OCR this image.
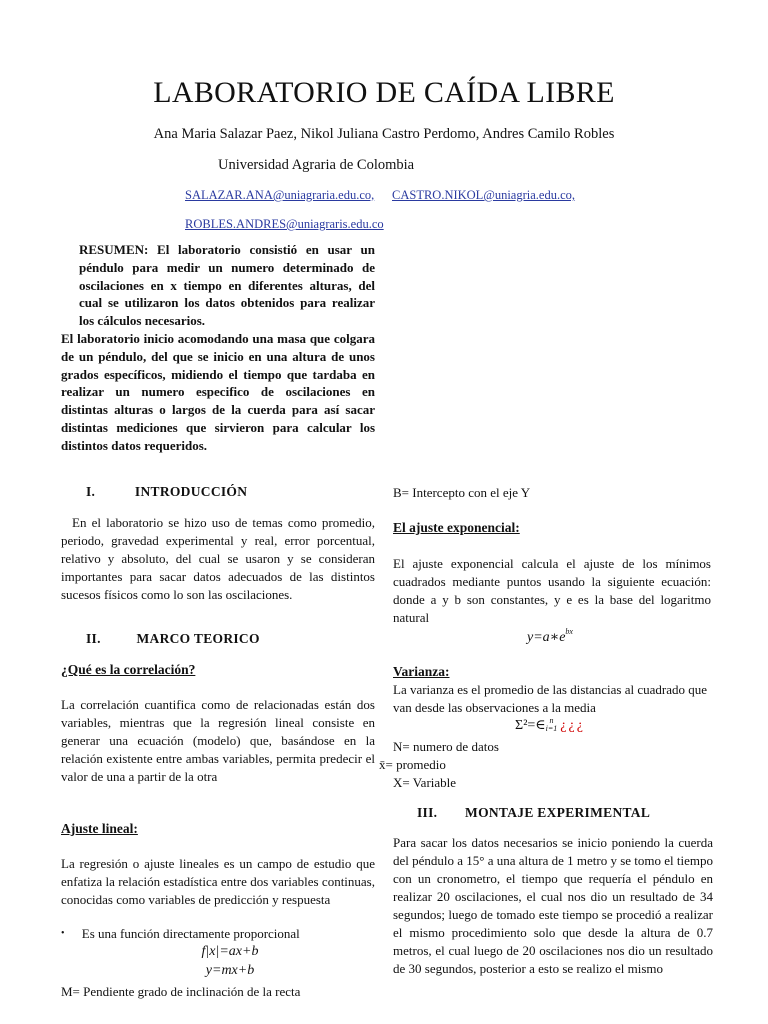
LABORATORIO DE CAÍDA LIBRE
Ana Maria Salazar Paez, Nikol Juliana Castro Perdomo, Andres Camilo Robles
Universidad Agraria de Colombia
SALAZAR.ANA@uniagraria.edu.co, CASTRO.NIKOL@uniagria.edu.co,
ROBLES.ANDRES@uniagraris.edu.co

RESUMEN: El laboratorio consistió en usar un péndulo para medir un numero determinado de oscilaciones en x tiempo en diferentes alturas, del cual se utilizaron los datos obtenidos para realizar los cálculos necesarios.

El laboratorio inicio acomodando una masa que colgara de un péndulo, del que se inicio en una altura de unos grados específicos, midiendo el tiempo que tardaba en realizar un numero especifico de oscilaciones en distintas alturas o largos de la cuerda para así sacar distintas mediciones que sirvieron para calcular los distintos datos requeridos.

I.	INTRODUCCIÓN
En el laboratorio se hizo uso de temas como promedio, periodo, gravedad experimental y real, error porcentual, relativo y absoluto, del cual se usaron y se consideran importantes para sacar datos adecuados de las distintos sucesos físicos como lo son las oscilaciones.
II.	MARCO TEORICO
¿Qué es la correlación?
La correlación cuantifica como de relacionadas están dos variables, mientras que la regresión lineal consiste en generar una ecuación (modelo) que, basándose en la relación existente entre ambas variables, permita predecir el valor de una a partir de la otra
Ajuste lineal:
La regresión o ajuste lineales es un campo de estudio que enfatiza la relación estadística entre dos variables continuas, conocidas como variables de predicción y respuesta
• Es una función directamente proporcional
f|x|=ax+b
y=mx+b
M= Pendiente grado de inclinación de la recta
B= Intercepto con el eje Y
El ajuste exponencial:
El ajuste exponencial calcula el ajuste de los mínimos cuadrados mediante puntos usando la siguiente ecuación: donde a y b son constantes, y e es la base del logaritmo natural
$y=a∗e^{bx}$
Varianza:
La varianza es el promedio de las distancias al cuadrado que van desde las observaciones a la media
Σ²=∈ n
i=1 ¿¿¿
N= numero de datos
x̄= promedio
X= Variable
III. MONTAJE EXPERIMENTAL
Para sacar los datos necesarios se inicio poniendo la cuerda del péndulo a 15° a una altura de 1 metro y se tomo el tiempo con un cronometro, el tiempo que requería el péndulo en realizar 20 oscilaciones, el cual nos dio un resultado de 34 segundos; luego de tomado este tiempo se procedió a realizar el mismo procedimiento solo que desde la altura de 0.7 metros, el cual luego de 20 oscilaciones nos dio un resultado de 30 segundos, posterior a esto se realizo el mismo
